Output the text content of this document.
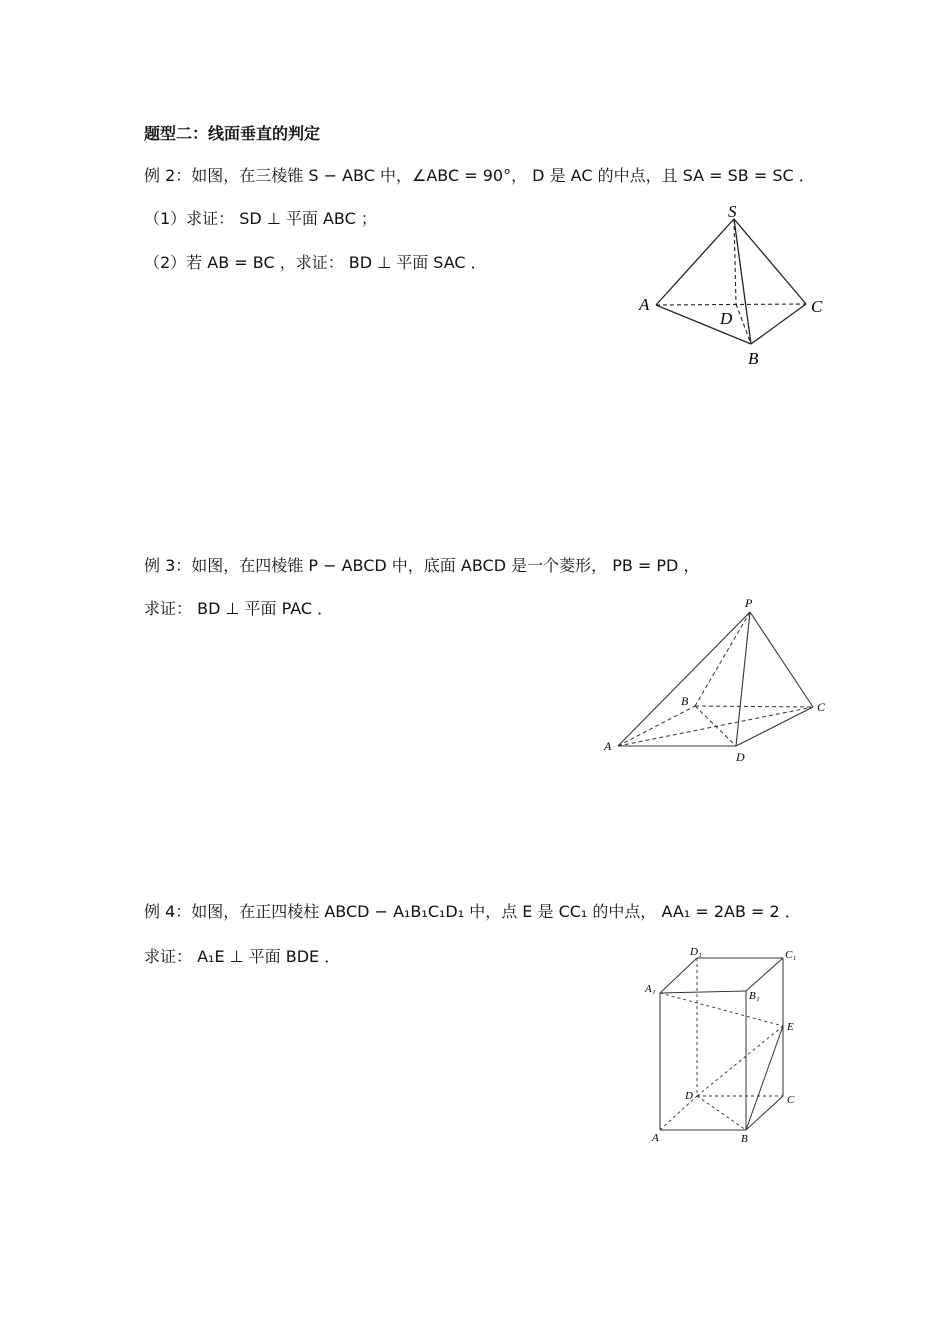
题型二：线面垂直的判定
例 2：如图，在三棱锥 S − ABC 中，∠ABC = 90°， D 是 AC 的中点，且 SA = SB = SC ．
（1）求证： SD ⊥ 平面 ABC ；
（2）若 AB = BC ，求证： BD ⊥ 平面 SAC ．
S
A	C
D
B
例 3：如图，在四棱锥 P − ABCD 中，底面 ABCD 是一个菱形， PB = PD ，
求证： BD ⊥ 平面 PAC ．	P
A
B	C
D
例 4：如图，在正四棱柱 ABCD − A₁B₁C₁D₁ 中，点 E 是 CC₁ 的中点， AA₁ = 2AB = 2 ．
求证： A₁E ⊥ 平面 BDE ．	D₁	C₁
A₁
B₁
E
D	C
A	B
